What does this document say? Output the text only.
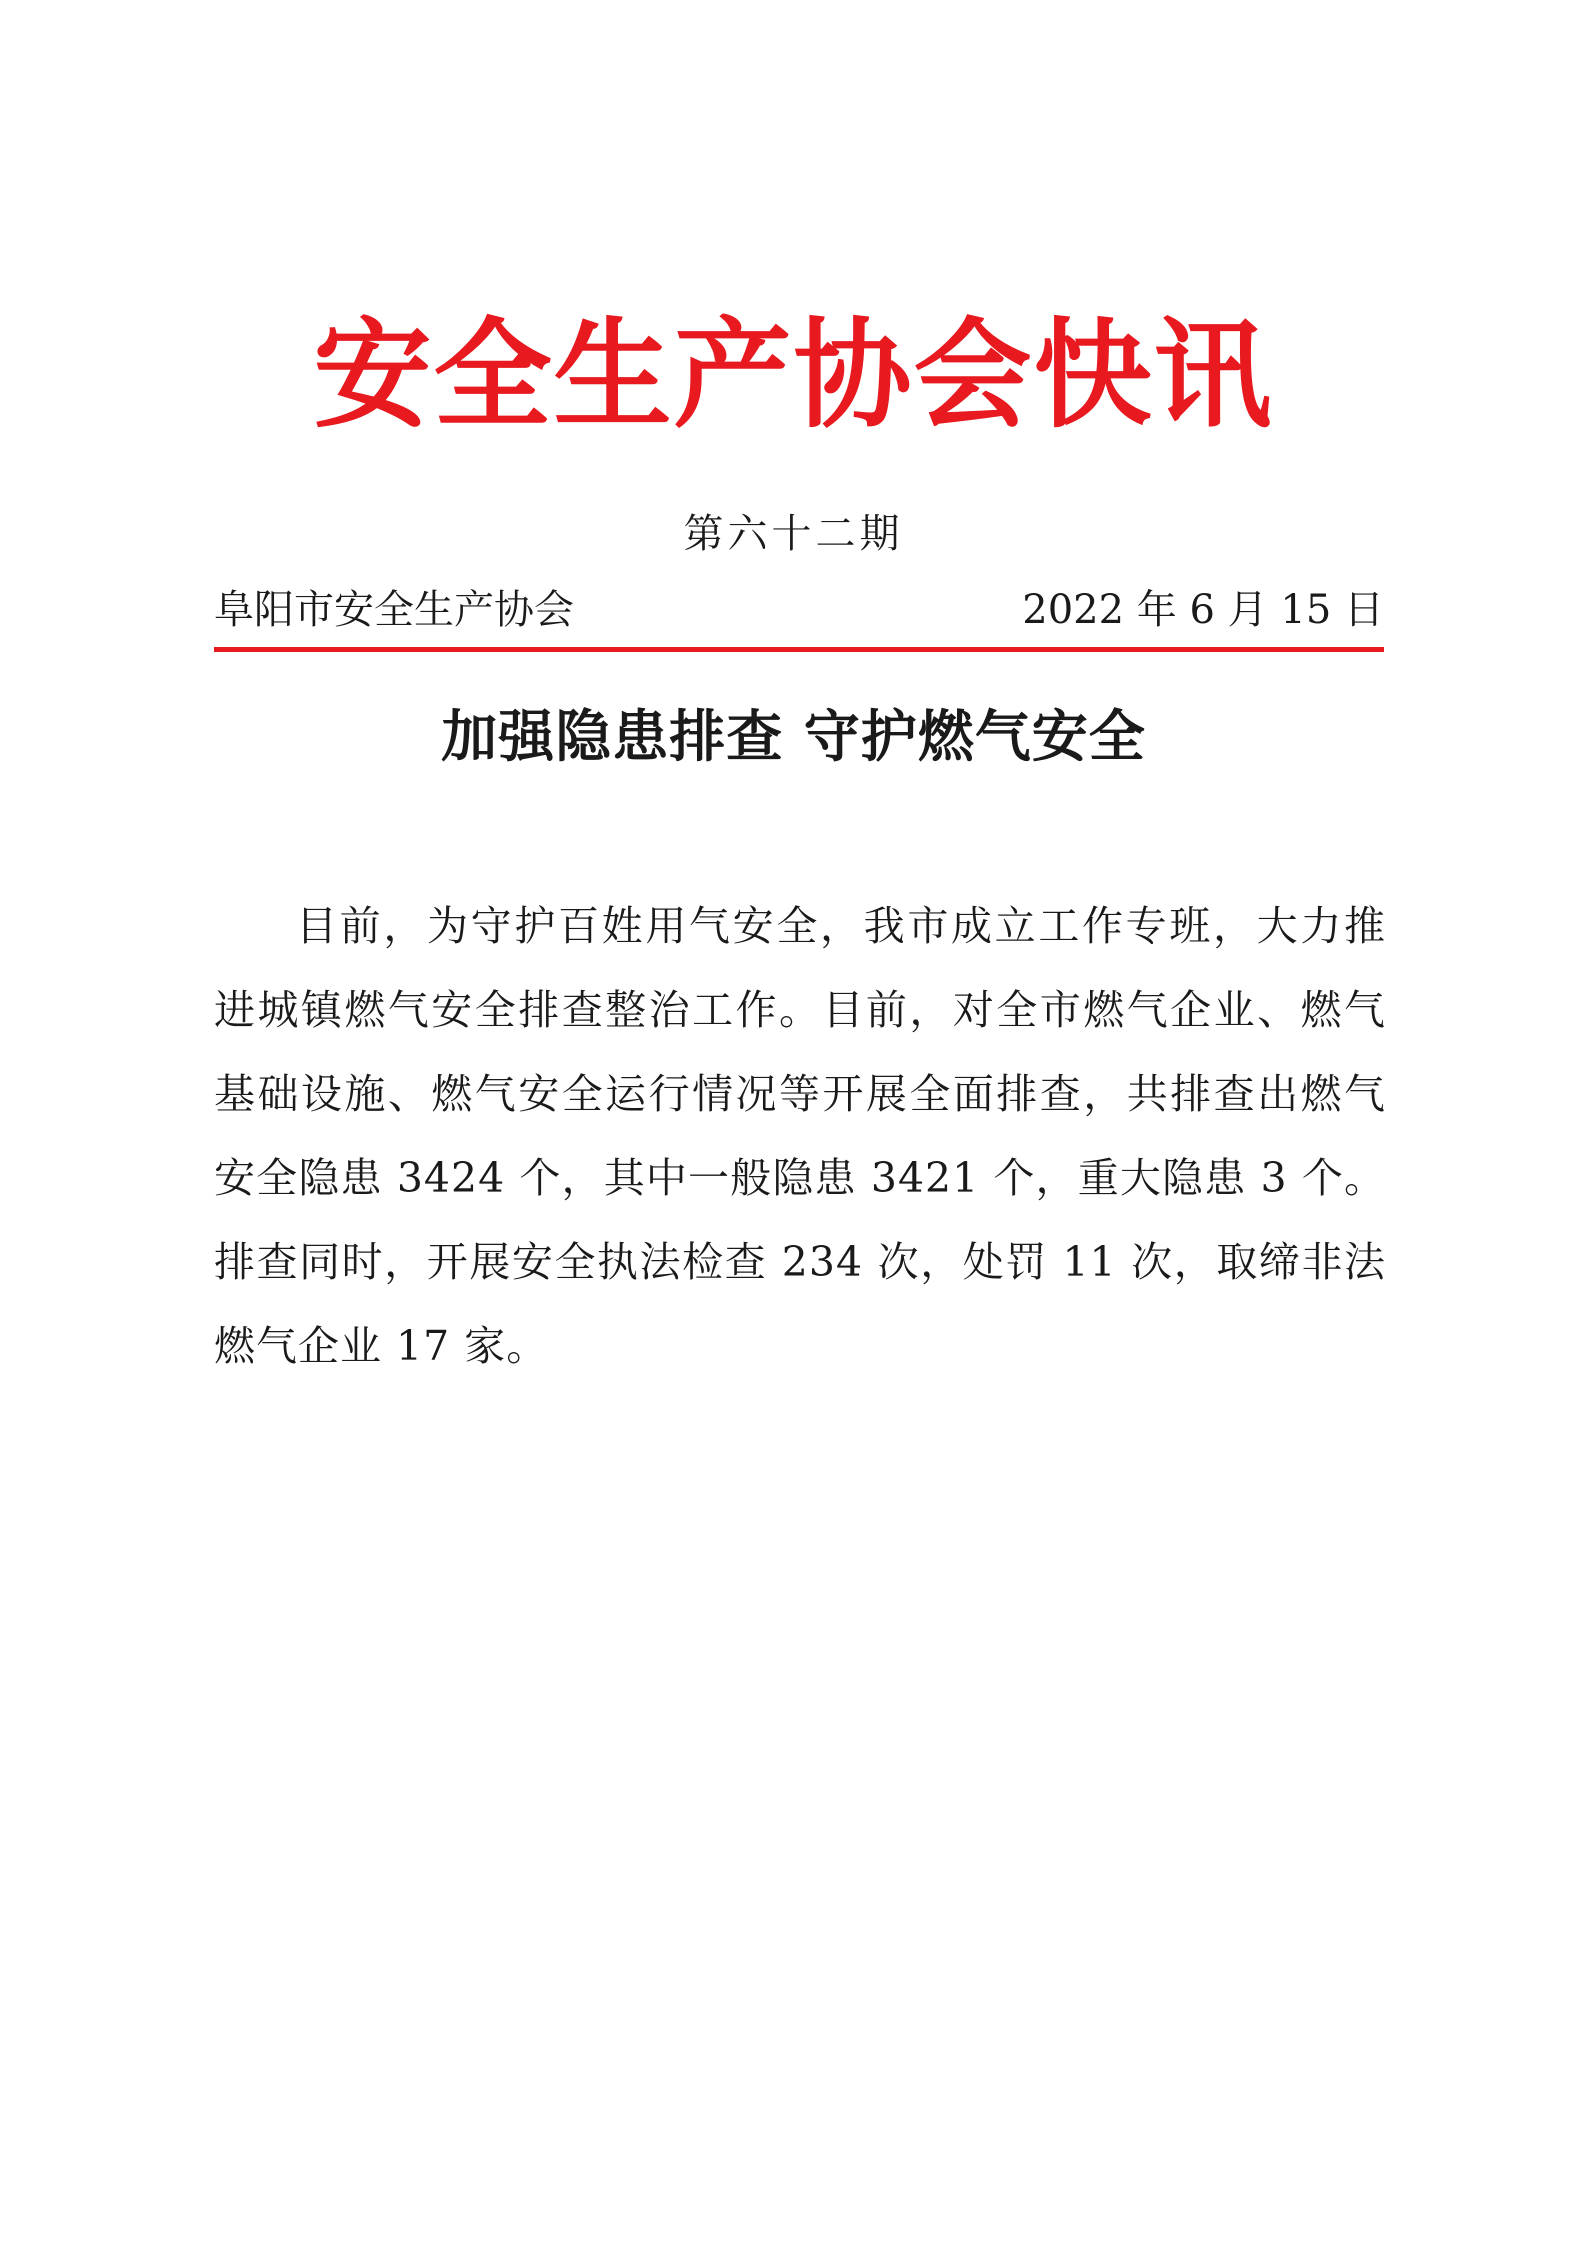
安全生产协会快讯
第六十二期
阜阳市安全生产协会	2022 年 6 月 15 日
加强隐患排查 守护燃气安全

目前，为守护百姓用气安全，我市成立工作专班，大力推进城镇燃气安全排查整治工作。目前，对全市燃气企业、燃气基础设施、燃气安全运行情况等开展全面排查，共排查出燃气安全隐患 3424 个，其中一般隐患 3421 个，重大隐患 3 个。排查同时，开展安全执法检查 234 次，处罚 11 次，取缔非法燃气企业 17 家。
